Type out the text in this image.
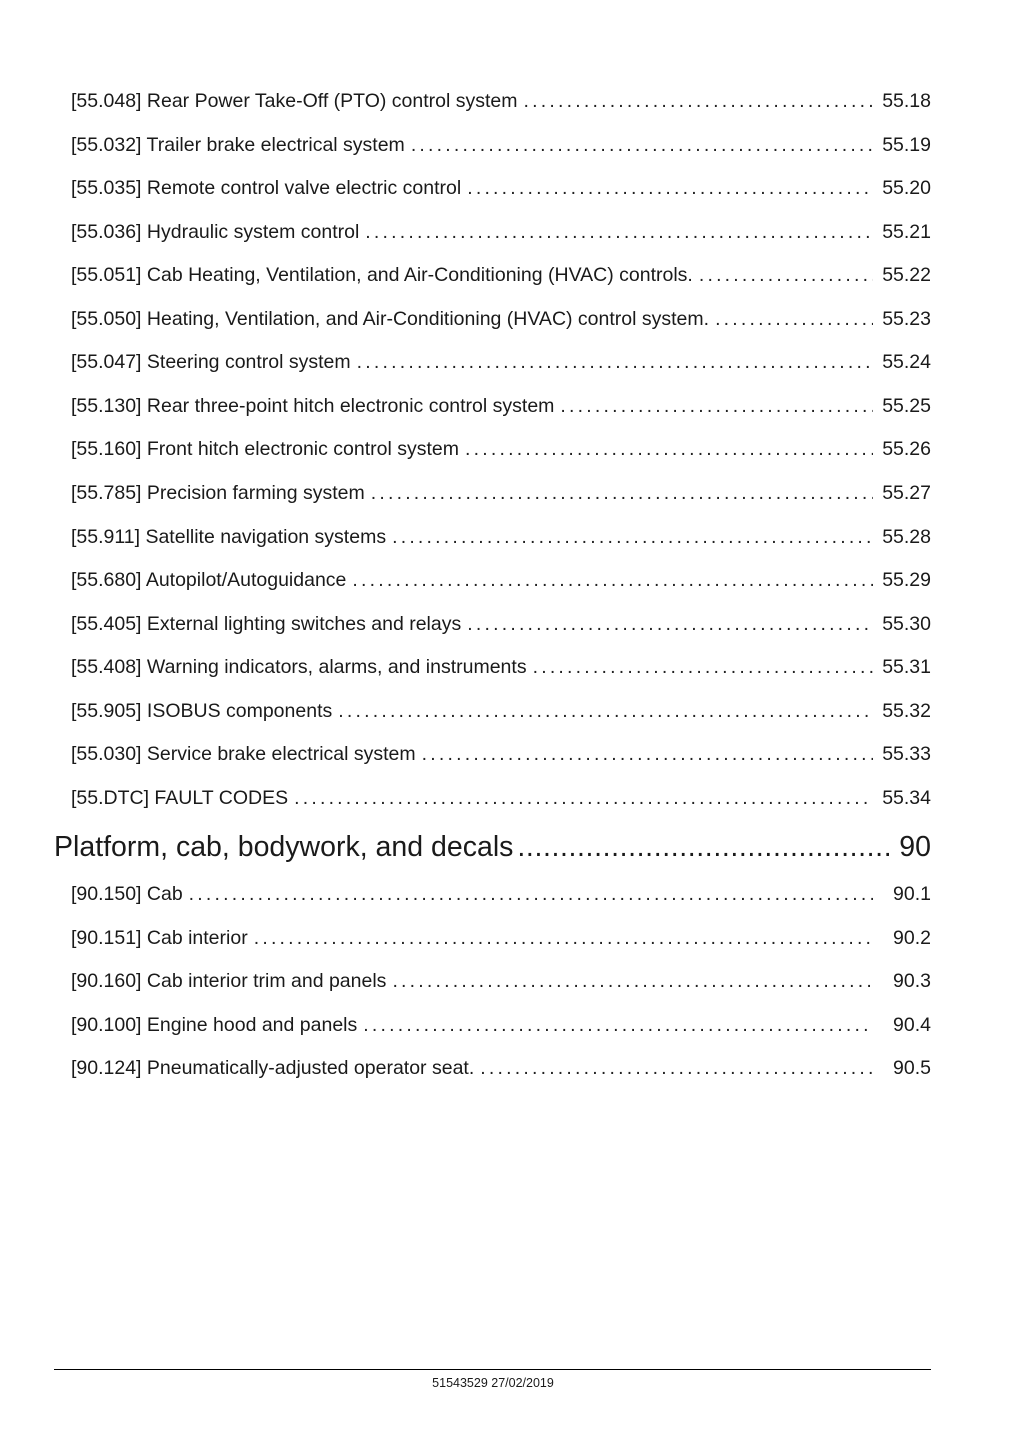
[55.048] Rear Power Take-Off (PTO) control system .....	55.18
[55.032] Trailer brake electrical system .....	55.19
[55.035] Remote control valve electric control .....	55.20
[55.036] Hydraulic system control .....	55.21
[55.051] Cab Heating, Ventilation, and Air-Conditioning (HVAC) controls. .....	55.22
[55.050] Heating, Ventilation, and Air-Conditioning (HVAC) control system. .....	55.23
[55.047] Steering control system .....	55.24
[55.130] Rear three-point hitch electronic control system .....	55.25
[55.160] Front hitch electronic control system .....	55.26
[55.785] Precision farming system .....	55.27
[55.911] Satellite navigation systems .....	55.28
[55.680] Autopilot/Autoguidance .....	55.29
[55.405] External lighting switches and relays .....	55.30
[55.408] Warning indicators, alarms, and instruments .....	55.31
[55.905] ISOBUS components .....	55.32
[55.030] Service brake electrical system .....	55.33
[55.DTC] FAULT CODES .....	55.34
Platform, cab, bodywork, and decals .....	90
[90.150] Cab .....	90.1
[90.151] Cab interior .....	90.2
[90.160] Cab interior trim and panels .....	90.3
[90.100] Engine hood and panels .....	90.4
[90.124] Pneumatically-adjusted operator seat. .....	90.5
51543529 27/02/2019
